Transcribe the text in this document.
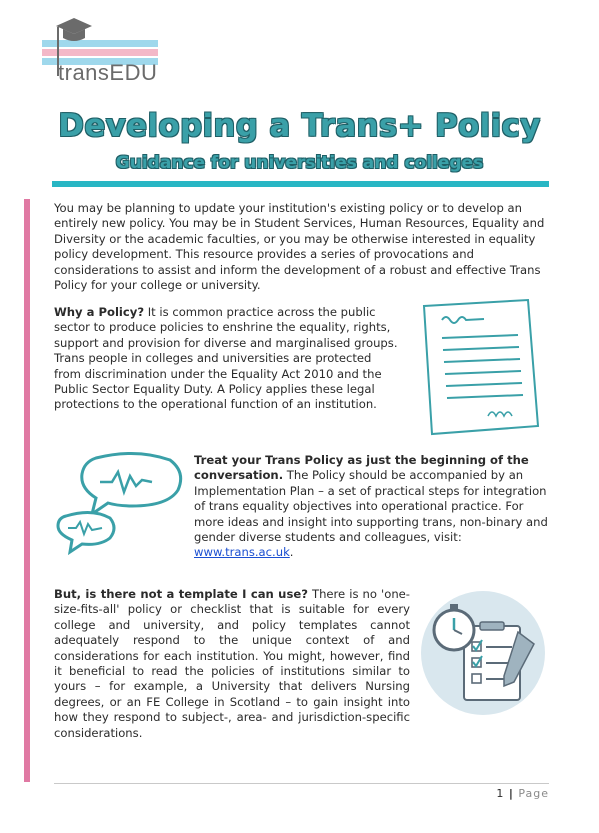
transEDU
Developing a Trans+ Policy
Guidance for universities and colleges

You may be planning to update your institution's existing policy or to develop an entirely new policy. You may be in Student Services, Human Resources, Equality and Diversity or the academic faculties, or you may be otherwise interested in equality policy development. This resource provides a series of provocations and considerations to assist and inform the development of a robust and effective Trans Policy for your college or university.

Why a Policy? It is common practice across the public sector to produce policies to enshrine the equality, rights, support and provision for diverse and marginalised groups. Trans people in colleges and universities are protected from discrimination under the Equality Act 2010 and the Public Sector Equality Duty. A Policy applies these legal protections to the operational function of an institution.

Treat your Trans Policy as just the beginning of the conversation. The Policy should be accompanied by an Implementation Plan – a set of practical steps for integration of trans equality objectives into operational practice. For more ideas and insight into supporting trans, non-binary and gender diverse students and colleagues, visit: www.trans.ac.uk.

But, is there not a template I can use? There is no 'one-size-fits-all' policy or checklist that is suitable for every college and university, and policy templates cannot adequately respond to the unique context of and considerations for each institution. You might, however, find it beneficial to read the policies of institutions similar to yours – for example, a University that delivers Nursing degrees, or an FE College in Scotland – to gain insight into how they respond to subject-, area- and jurisdiction-specific considerations.

1 | Page
